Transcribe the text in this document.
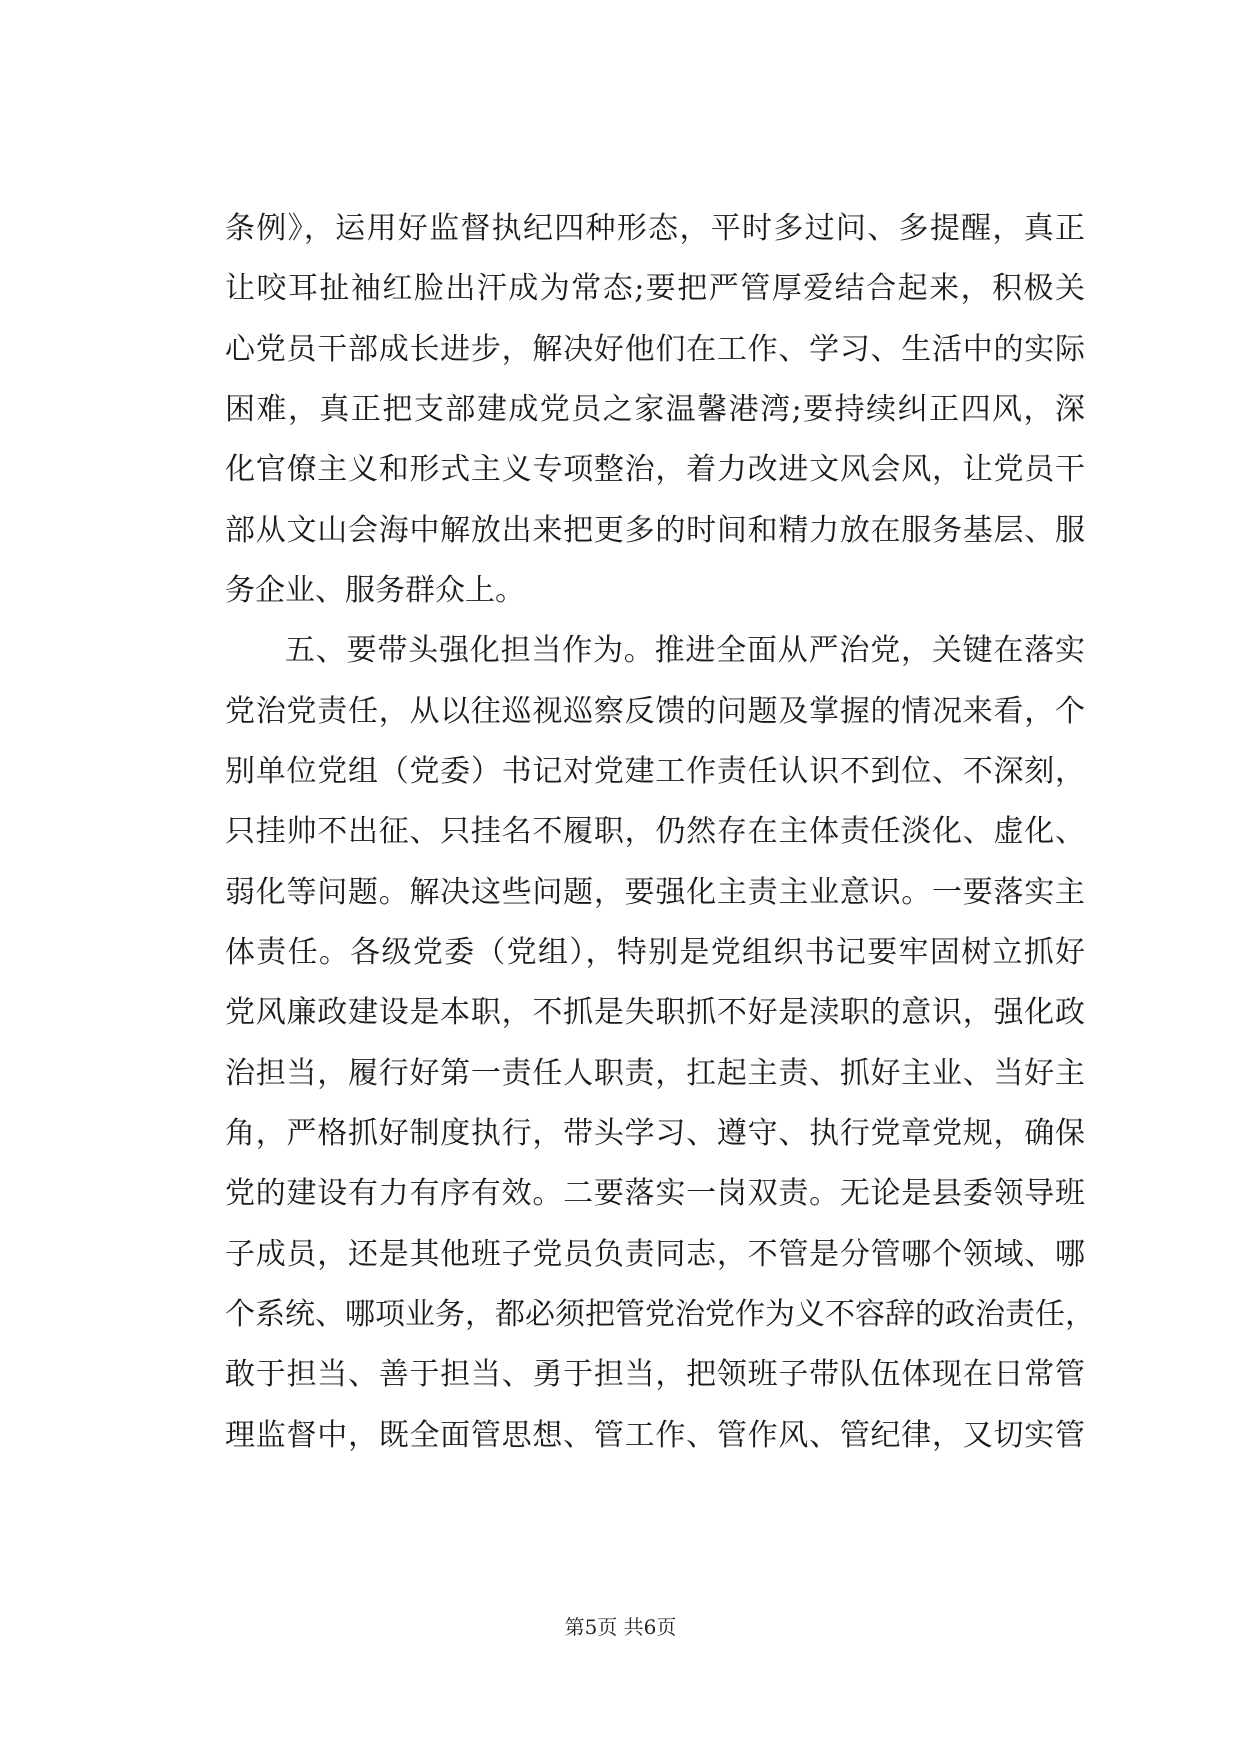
条例》，运用好监督执纪四种形态，平时多过问、多提醒，真正
让咬耳扯袖红脸出汗成为常态;要把严管厚爱结合起来，积极关
心党员干部成长进步，解决好他们在工作、学习、生活中的实际
困难，真正把支部建成党员之家温馨港湾;要持续纠正四风，深
化官僚主义和形式主义专项整治，着力改进文风会风，让党员干
部从文山会海中解放出来把更多的时间和精力放在服务基层、服
务企业、服务群众上。
五、要带头强化担当作为。推进全面从严治党，关键在落实
党治党责任，从以往巡视巡察反馈的问题及掌握的情况来看，个
别单位党组（党委）书记对党建工作责任认识不到位、不深刻，
只挂帅不出征、只挂名不履职，仍然存在主体责任淡化、虚化、
弱化等问题。解决这些问题，要强化主责主业意识。一要落实主
体责任。各级党委（党组），特别是党组织书记要牢固树立抓好
党风廉政建设是本职，不抓是失职抓不好是渎职的意识，强化政
治担当，履行好第一责任人职责，扛起主责、抓好主业、当好主
角，严格抓好制度执行，带头学习、遵守、执行党章党规，确保
党的建设有力有序有效。二要落实一岗双责。无论是县委领导班
子成员，还是其他班子党员负责同志，不管是分管哪个领域、哪
个系统、哪项业务，都必须把管党治党作为义不容辞的政治责任，
敢于担当、善于担当、勇于担当，把领班子带队伍体现在日常管
理监督中，既全面管思想、管工作、管作风、管纪律，又切实管
第5页 共6页
